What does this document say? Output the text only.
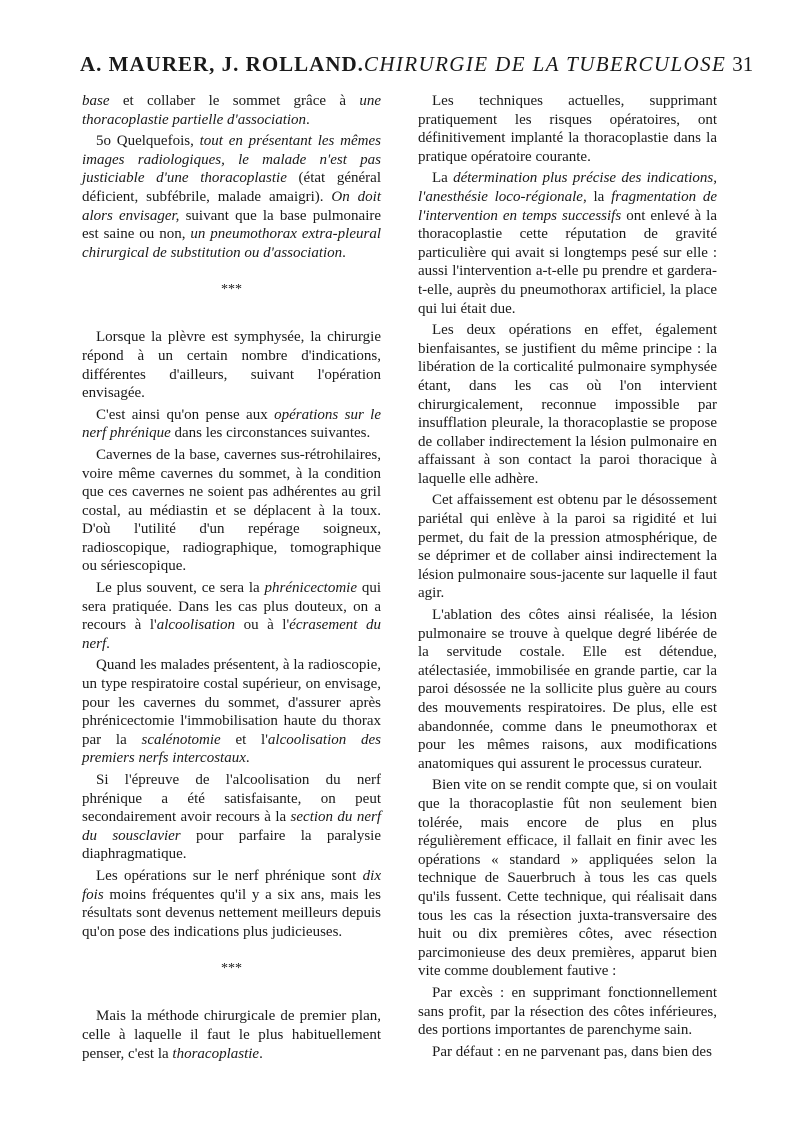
A. MAURER, J. ROLLAND. CHIRURGIE DE LA TUBERCULOSE 31

base et collaber le sommet grâce à une thoracoplastie partielle d'association.

5o Quelquefois, tout en présentant les mêmes images radiologiques, le malade n'est pas justiciable d'une thoracoplastie (état général déficient, subfébrile, malade amaigri). On doit alors envisager, suivant que la base pulmonaire est saine ou non, un pneumothorax extra-pleural chirurgical de substitution ou d'association.

***

Lorsque la plèvre est symphysée, la chirurgie répond à un certain nombre d'indications, différentes d'ailleurs, suivant l'opération envisagée.

C'est ainsi qu'on pense aux opérations sur le nerf phrénique dans les circonstances suivantes.

Cavernes de la base, cavernes sus-rétrohilaires, voire même cavernes du sommet, à la condition que ces cavernes ne soient pas adhérentes au gril costal, au médiastin et se déplacent à la toux. D'où l'utilité d'un repérage soigneux, radioscopique, radiographique, tomographique ou sériescopique.

Le plus souvent, ce sera la phrénicectomie qui sera pratiquée. Dans les cas plus douteux, on a recours à l'alcoolisation ou à l'écrasement du nerf.

Quand les malades présentent, à la radioscopie, un type respiratoire costal supérieur, on envisage, pour les cavernes du sommet, d'assurer après phrénicectomie l'immobilisation haute du thorax par la scalénotomie et l'alcoolisation des premiers nerfs intercostaux.

Si l'épreuve de l'alcoolisation du nerf phrénique a été satisfaisante, on peut secondairement avoir recours à la section du nerf du sousclavier pour parfaire la paralysie diaphragmatique.

Les opérations sur le nerf phrénique sont dix fois moins fréquentes qu'il y a six ans, mais les résultats sont devenus nettement meilleurs depuis qu'on pose des indications plus judicieuses.

***

Mais la méthode chirurgicale de premier plan, celle à laquelle il faut le plus habituellement penser, c'est la thoracoplastie.

Les techniques actuelles, supprimant pratiquement les risques opératoires, ont définitivement implanté la thoracoplastie dans la pratique opératoire courante.

La détermination plus précise des indications, l'anesthésie loco-régionale, la fragmentation de l'intervention en temps successifs ont enlevé à la thoracoplastie cette réputation de gravité particulière qui avait si longtemps pesé sur elle : aussi l'intervention a-t-elle pu prendre et gardera-t-elle, auprès du pneumothorax artificiel, la place qui lui était due.

Les deux opérations en effet, également bienfaisantes, se justifient du même principe : la libération de la corticalité pulmonaire symphysée étant, dans les cas où l'on intervient chirurgicalement, reconnue impossible par insufflation pleurale, la thoracoplastie se propose de collaber indirectement la lésion pulmonaire en affaissant à son contact la paroi thoracique à laquelle elle adhère.

Cet affaissement est obtenu par le désossement pariétal qui enlève à la paroi sa rigidité et lui permet, du fait de la pression atmosphérique, de se déprimer et de collaber ainsi indirectement la lésion pulmonaire sous-jacente sur laquelle il faut agir.

L'ablation des côtes ainsi réalisée, la lésion pulmonaire se trouve à quelque degré libérée de la servitude costale. Elle est détendue, atélectasiée, immobilisée en grande partie, car la paroi désossée ne la sollicite plus guère au cours des mouvements respiratoires. De plus, elle est abandonnée, comme dans le pneumothorax et pour les mêmes raisons, aux modifications anatomiques qui assurent le processus curateur.

Bien vite on se rendit compte que, si on voulait que la thoracoplastie fût non seulement bien tolérée, mais encore de plus en plus régulièrement efficace, il fallait en finir avec les opérations « standard » appliquées selon la technique de Sauerbruch à tous les cas quels qu'ils fussent. Cette technique, qui réalisait dans tous les cas la résection juxta-transversaire des huit ou dix premières côtes, avec résection parcimonieuse des deux premières, apparut bien vite comme doublement fautive :

Par excès : en supprimant fonctionnellement sans profit, par la résection des côtes inférieures, des portions importantes de parenchyme sain.

Par défaut : en ne parvenant pas, dans bien des
